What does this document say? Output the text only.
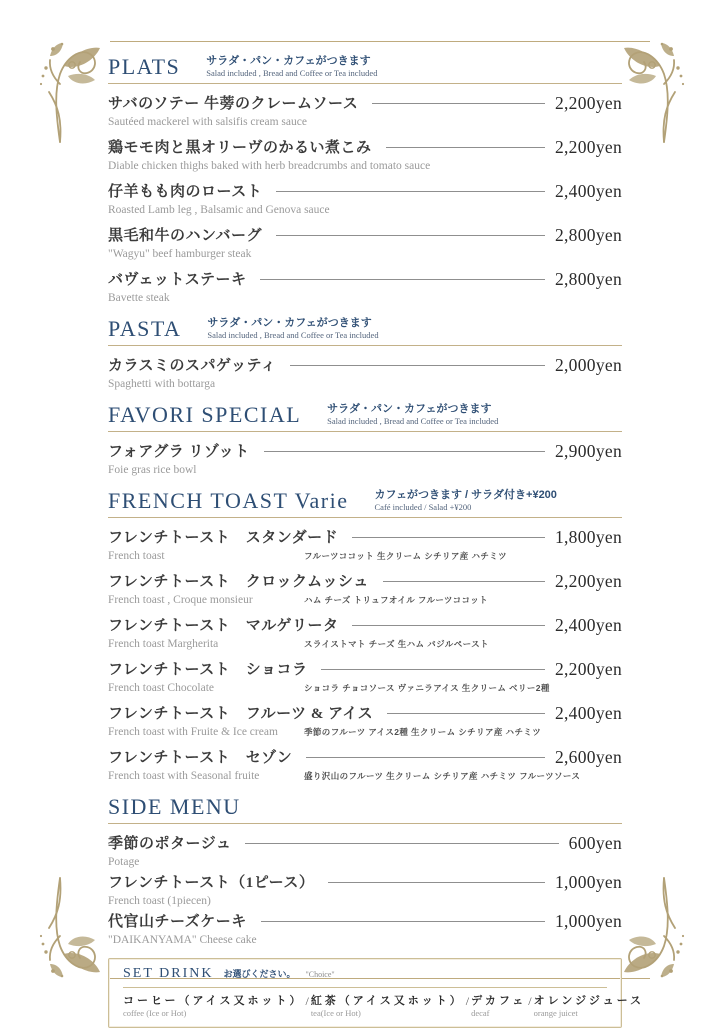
PLATS サラダ・パン・カフェがつきます
Salad included , Bread and Coffee or Tea included
サバのソテー 牛蒡のクレームソース	2,200yen
Sautéed mackerel with salsifis cream sauce
鶏モモ肉と黒オリーヴのかるい煮こみ	2,200yen
Diable chicken thighs baked with herb breadcrumbs and tomato sauce
仔羊もも肉のロースト	2,400yen
Roasted Lamb leg , Balsamic and Genova sauce
黒毛和牛のハンバーグ	2,800yen
"Wagyu" beef hamburger steak
バヴェットステーキ	2,800yen
Bavette steak
PASTA サラダ・パン・カフェがつきます
Salad included , Bread and Coffee or Tea included
カラスミのスパゲッティ	2,000yen
Spaghetti with bottarga
FAVORI SPECIAL サラダ・パン・カフェがつきます
Salad included , Bread and Coffee or Tea included
フォアグラ リゾット	2,900yen
Foie gras rice bowl
FRENCH TOAST Varie カフェがつきます / サラダ付き+¥200
Café included / Salad +¥200
フレンチトースト　スタンダード	1,800yen
French toast	フルーツココット 生クリーム シチリア産 ハチミツ
フレンチトースト　クロックムッシュ	2,200yen
French toast , Croque monsieur	ハム チーズ トリュフオイル フルーツココット
フレンチトースト　マルゲリータ	2,400yen
French toast Margherita	スライストマト チーズ 生ハム バジルペースト
フレンチトースト　ショコラ	2,200yen
French toast Chocolate	ショコラ チョコソース ヴァニラアイス 生クリーム ベリー2種
フレンチトースト　フルーツ & アイス	2,400yen
French toast with Fruite & Ice cream	季節のフルーツ アイス2種 生クリーム シチリア産 ハチミツ
フレンチトースト　セゾン	2,600yen
French toast with Seasonal fruite	盛り沢山のフルーツ 生クリーム シチリア産 ハチミツ フルーツソース
SIDE MENU
季節のポタージュ	600yen
Potage
フレンチトースト（1ピース）	1,000yen
French toast (1piecen)
代官山チーズケーキ	1,000yen
"DAIKANYAMA" Cheese cake
SET DRINK お選びください。 "Choice"
コーヒー（アイス又ホット）
coffee (Ice or Hot)
/ 紅茶（アイス又ホット）
tea(Ice or Hot)
/ デカフェ
decaf
/ オレンジジュース
orange juicet
